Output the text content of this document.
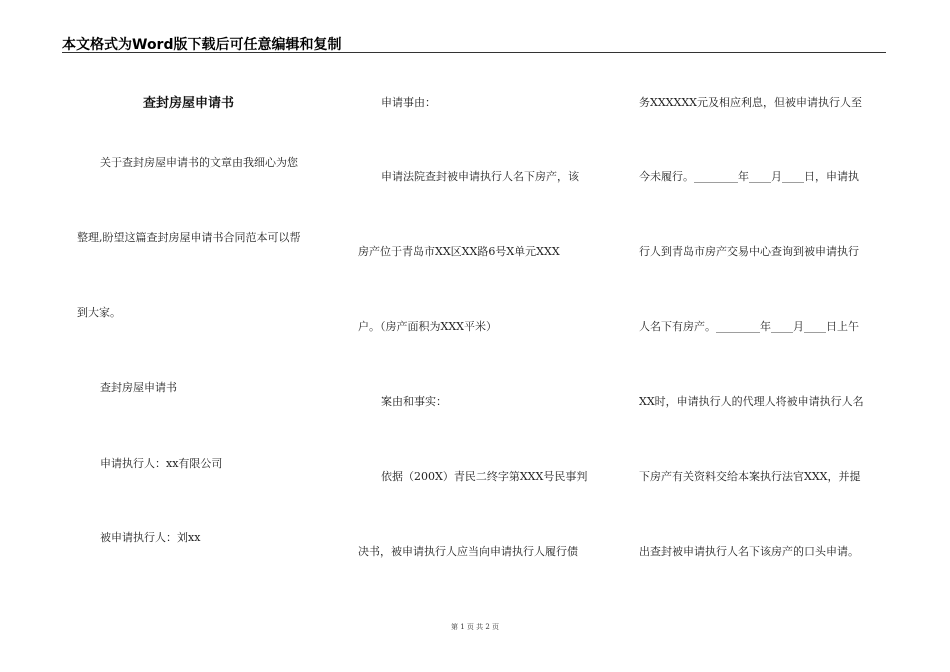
本文格式为Word版下载后可任意编辑和复制
查封房屋申请书
关于查封房屋申请书的文章由我细心为您
整理,盼望这篇查封房屋申请书合同范本可以帮
到大家。
查封房屋申请书
申请执行人：xx有限公司
被申请执行人：刘xx
申请事由：
申请法院查封被申请执行人名下房产，该
房产位于青岛市XX区XX路6号X单元XXX
户。（房产面积为XXX平米）
案由和事实：
依据（200X）青民二终字第XXX号民事判
决书，被申请执行人应当向申请执行人履行债
务XXXXXX元及相应利息，但被申请执行人至
今未履行。________年____月____日，申请执
行人到青岛市房产交易中心查询到被申请执行
人名下有房产。________年____月____日上午
XX时，申请执行人的代理人将被申请执行人名
下房产有关资料交给本案执行法官XXX，并提
出查封被申请执行人名下该房产的口头申请。
第 1 页 共 2 页
